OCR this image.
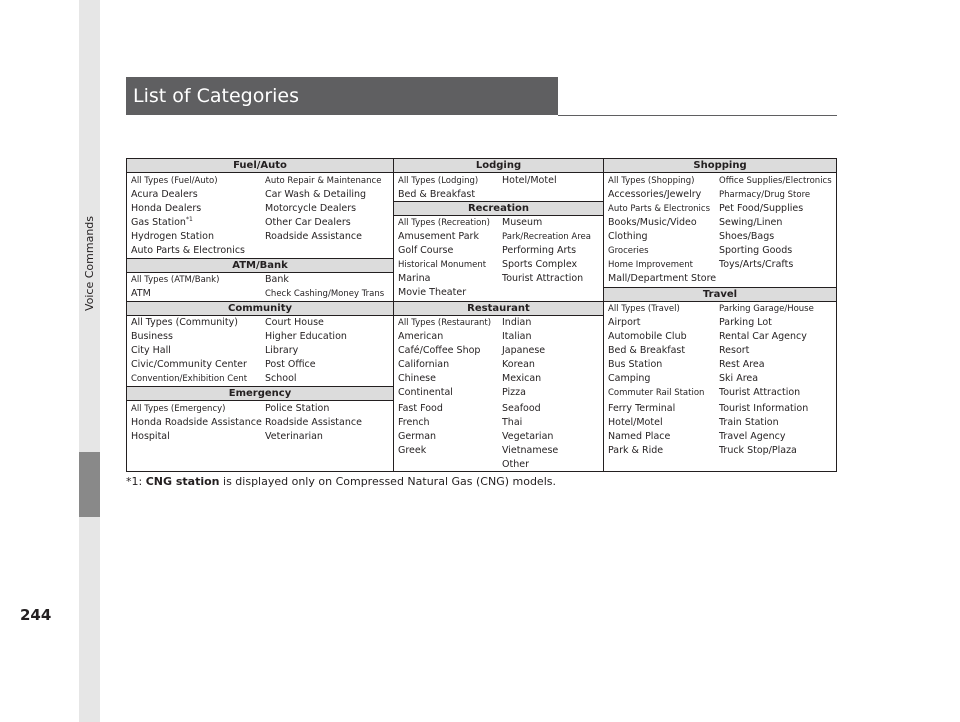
Voice Commands
244
List of Categories
Fuel/Auto
ATM/Bank
Community
Emergency
Lodging
Recreation
Restaurant
Shopping
Travel
All Types (Fuel/Auto)
Acura Dealers
Honda Dealers
Gas Station$^{*1}$
Hydrogen Station
Auto Parts & Electronics
Auto Repair & Maintenance
Car Wash & Detailing
Motorcycle Dealers
Other Car Dealers
Roadside Assistance
All Types (ATM/Bank)
ATM
Bank
Check Cashing/Money Trans
All Types (Community)
Business
City Hall
Civic/Community Center
Convention/Exhibition Cent
Court House
Higher Education
Library
Post Office
School
All Types (Emergency)
Honda Roadside Assistance
Hospital
Police Station
Roadside Assistance
Veterinarian
All Types (Lodging)
Bed & Breakfast
Hotel/Motel
All Types (Recreation)
Amusement Park
Golf Course
Historical Monument
Marina
Movie Theater
Museum
Park/Recreation Area
Performing Arts
Sports Complex
Tourist Attraction
All Types (Restaurant)
American
Café/Coffee Shop
Californian
Chinese
Continental
Fast Food
French
German
Greek
Indian
Italian
Japanese
Korean
Mexican
Pizza
Seafood
Thai
Vegetarian
Vietnamese
Other
All Types (Shopping)
Accessories/Jewelry
Auto Parts & Electronics
Books/Music/Video
Clothing
Groceries
Home Improvement
Mall/Department Store
Office Supplies/Electronics
Pharmacy/Drug Store
Pet Food/Supplies
Sewing/Linen
Shoes/Bags
Sporting Goods
Toys/Arts/Crafts
All Types (Travel)
Airport
Automobile Club
Bed & Breakfast
Bus Station
Camping
Commuter Rail Station
Ferry Terminal
Hotel/Motel
Named Place
Park & Ride
Parking Garage/House
Parking Lot
Rental Car Agency
Resort
Rest Area
Ski Area
Tourist Attraction
Tourist Information
Train Station
Travel Agency
Truck Stop/Plaza
*1: CNG station is displayed only on Compressed Natural Gas (CNG) models.
